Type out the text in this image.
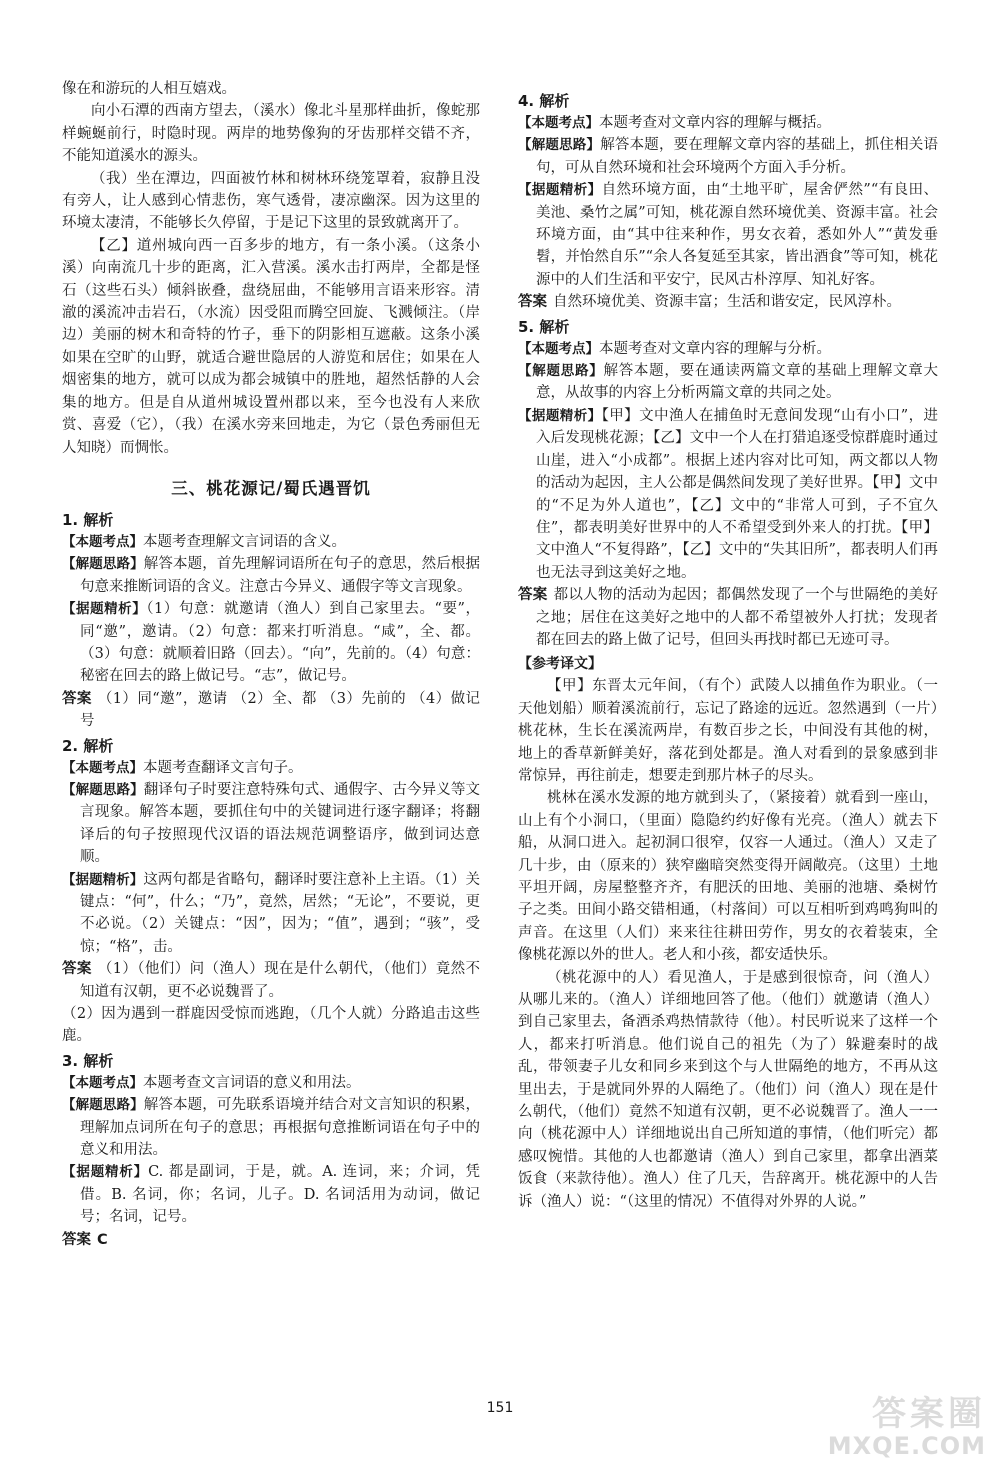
像在和游玩的人相互嬉戏。

向小石潭的西南方望去，（溪水）像北斗星那样曲折，像蛇那样蜿蜒前行，时隐时现。两岸的地势像狗的牙齿那样交错不齐，不能知道溪水的源头。

（我）坐在潭边，四面被竹林和树林环绕笼罩着，寂静且没有旁人，让人感到心情悲伤，寒气透骨，凄凉幽深。因为这里的环境太凄清，不能够长久停留，于是记下这里的景致就离开了。

【乙】道州城向西一百多步的地方，有一条小溪。（这条小溪）向南流几十步的距离，汇入营溪。溪水击打两岸，全都是怪石（这些石头）倾斜嵌叠，盘绕屈曲，不能够用言语来形容。清澈的溪流冲击岩石，（水流）因受阻而腾空回旋、飞溅倾注。（岸边）美丽的树木和奇特的竹子，垂下的阴影相互遮蔽。这条小溪如果在空旷的山野，就适合避世隐居的人游览和居住；如果在人烟密集的地方，就可以成为都会城镇中的胜地，超然恬静的人会集的地方。但是自从道州城设置州郡以来，至今也没有人来欣赏、喜爱（它），（我）在溪水旁来回地走，为它（景色秀丽但无人知晓）而惆怅。

三、桃花源记/蜀氏遇晋饥
1. 解析

【本题考点】本题考查理解文言词语的含义。

【解题思路】解答本题，首先理解词语所在句子的意思，然后根据句意来推断词语的含义。注意古今异义、通假字等文言现象。

【据题精析】（1）句意：就邀请（渔人）到自己家里去。“要”，同“邀”，邀请。（2）句意：都来打听消息。“咸”，全、都。（3）句意：就顺着旧路（回去）。“向”，先前的。（4）句意：秘密在回去的路上做记号。“志”，做记号。

答案 （1）同“邀”，邀请 （2）全、都 （3）先前的 （4）做记号

2. 解析

【本题考点】本题考查翻译文言句子。

【解题思路】翻译句子时要注意特殊句式、通假字、古今异义等文言现象。解答本题，要抓住句中的关键词进行逐字翻译；将翻译后的句子按照现代汉语的语法规范调整语序，做到词达意顺。

【据题精析】这两句都是省略句，翻译时要注意补上主语。（1）关键点：“何”，什么；“乃”，竟然，居然；“无论”，不要说，更不必说。（2）关键点：“因”，因为；“值”，遇到；“骇”，受惊；“格”，击。

答案 （1）（他们）问（渔人）现在是什么朝代，（他们）竟然不知道有汉朝，更不必说魏晋了。

（2）因为遇到一群鹿因受惊而逃跑，（几个人就）分路追击这些鹿。

3. 解析

【本题考点】本题考查文言词语的意义和用法。

【解题思路】解答本题，可先联系语境并结合对文言知识的积累，理解加点词所在句子的意思；再根据句意推断词语在句子中的意义和用法。

【据题精析】C. 都是副词，于是，就。A. 连词，来；介词，凭借。B. 名词，你；名词，儿子。D. 名词活用为动词，做记号；名词，记号。

答案 C

4. 解析

【本题考点】本题考查对文章内容的理解与概括。

【解题思路】解答本题，要在理解文章内容的基础上，抓住相关语句，可从自然环境和社会环境两个方面入手分析。

【据题精析】自然环境方面，由“土地平旷，屋舍俨然”“有良田、美池、桑竹之属”可知，桃花源自然环境优美、资源丰富。社会环境方面，由“其中往来种作，男女衣着，悉如外人”“黄发垂髫，并怡然自乐”“余人各复延至其家，皆出酒食”等可知，桃花源中的人们生活和平安宁，民风古朴淳厚、知礼好客。

答案 自然环境优美、资源丰富；生活和谐安定，民风淳朴。

5. 解析

【本题考点】本题考查对文章内容的理解与分析。

【解题思路】解答本题，要在通读两篇文章的基础上理解文章大意，从故事的内容上分析两篇文章的共同之处。

【据题精析】【甲】文中渔人在捕鱼时无意间发现“山有小口”，进入后发现桃花源；【乙】文中一个人在打猎追逐受惊群鹿时通过山崖，进入“小成都”。根据上述内容对比可知，两文都以人物的活动为起因，主人公都是偶然间发现了美好世界。【甲】文中的“不足为外人道也”，【乙】文中的“非常人可到，子不宜久住”，都表明美好世界中的人不希望受到外来人的打扰。【甲】文中渔人“不复得路”，【乙】文中的“失其旧所”，都表明人们再也无法寻到这美好之地。

答案 都以人物的活动为起因；都偶然发现了一个与世隔绝的美好之地；居住在这美好之地中的人都不希望被外人打扰；发现者都在回去的路上做了记号，但回头再找时都已无迹可寻。

【参考译文】

【甲】东晋太元年间，（有个）武陵人以捕鱼作为职业。（一天他划船）顺着溪流前行，忘记了路途的远近。忽然遇到（一片）桃花林，生长在溪流两岸，有数百步之长，中间没有其他的树，地上的香草新鲜美好，落花到处都是。渔人对看到的景象感到非常惊异，再往前走，想要走到那片林子的尽头。

桃林在溪水发源的地方就到头了，（紧接着）就看到一座山，山上有个小洞口，（里面）隐隐约约好像有光亮。（渔人）就去下船，从洞口进入。起初洞口很窄，仅容一人通过。（渔人）又走了几十步，由（原来的）狭窄幽暗突然变得开阔敞亮。（这里）土地平坦开阔，房屋整整齐齐，有肥沃的田地、美丽的池塘、桑树竹子之类。田间小路交错相通，（村落间）可以互相听到鸡鸣狗叫的声音。在这里（人们）来来往往耕田劳作，男女的衣着装束，全像桃花源以外的世人。老人和小孩，都安适快乐。

（桃花源中的人）看见渔人，于是感到很惊奇，问（渔人）从哪儿来的。（渔人）详细地回答了他。（他们）就邀请（渔人）到自己家里去，备酒杀鸡热情款待（他）。村民听说来了这样一个人，都来打听消息。他们说自己的祖先（为了）躲避秦时的战乱，带领妻子儿女和同乡来到这个与人世隔绝的地方，不再从这里出去，于是就同外界的人隔绝了。（他们）问（渔人）现在是什么朝代，（他们）竟然不知道有汉朝，更不必说魏晋了。渔人一一向（桃花源中人）详细地说出自己所知道的事情，（他们听完）都感叹惋惜。其他的人也都邀请（渔人）到自己家里，都拿出酒菜饭食（来款待他）。渔人）住了几天，告辞离开。桃花源中的人告诉（渔人）说：“（这里的情况）不值得对外界的人说。”

151	答案圈
MXQE.COM
